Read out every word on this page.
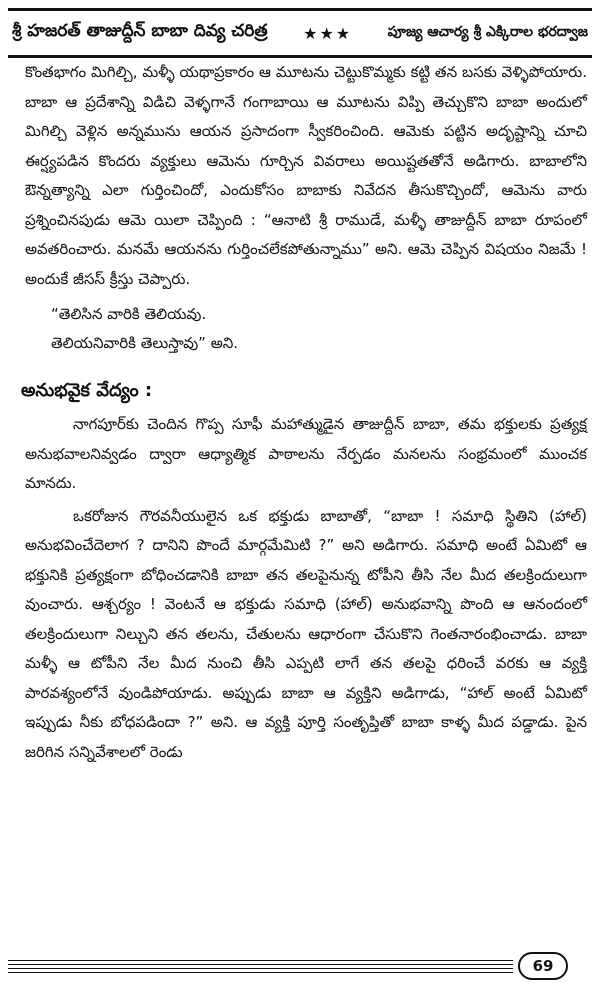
శ్రీ హజరత్ తాజుద్దీన్ బాబా దివ్య చరిత్ర	★★★	పూజ్య ఆచార్య శ్రీ ఎక్కిరాల భరద్వాజ

కొంతభాగం మిగిల్చి, మళ్ళీ యథాప్రకారం ఆ మూటను చెట్టుకొమ్మకు కట్టి తన బసకు వెళ్ళిపోయారు. బాబా ఆ ప్రదేశాన్ని విడిచి వెళ్ళగానే గంగాబాయి ఆ మూటను విప్పి తెచ్చుకొని బాబా అందులో మిగిల్చి వెళ్లిన అన్నమును ఆయన ప్రసాదంగా స్వీకరించింది. ఆమెకు పట్టిన అదృష్టాన్ని చూచి ఈర్ష్యపడిన కొందరు వ్యక్తులు ఆమెను గూర్చిన వివరాలు అయిష్టతతోనే అడిగారు. బాబాలోని ఔన్నత్యాన్ని ఎలా గుర్తించిందో, ఎందుకోసం బాబాకు నివేదన తీసుకొచ్చిందో, ఆమెను వారు ప్రశ్నించినపుడు ఆమె యిలా చెప్పింది : “ఆనాటి శ్రీ రాముడే, మళ్ళీ తాజుద్దీన్ బాబా రూపంలో అవతరించారు. మనమే ఆయనను గుర్తించలేకపోతున్నాము” అని. ఆమె చెప్పిన విషయం నిజమే ! అందుకే జీసస్ క్రీస్తు చెప్పారు.

“తెలిసిన వారికి తెలియవు.
తెలియనివారికి తెలుస్తావు” అని.
అనుభవైక వేద్యం :

నాగపూర్‌కు చెందిన గొప్ప సూఫీ మహాత్ముడైన తాజుద్దీన్ బాబా, తమ భక్తులకు ప్రత్యక్ష అనుభవాలనివ్వడం ద్వారా ఆధ్యాత్మిక పాఠాలను నేర్పడం మనలను సంభ్రమంలో ముంచక మానదు.

ఒకరోజున గౌరవనీయులైన ఒక భక్తుడు బాబాతో, “బాబా ! సమాధి స్థితిని (హాల్) అనుభవించేదెలాగ ? దానిని పొందే మార్గమేమిటి ?” అని అడిగారు. సమాధి అంటే ఏమిటో ఆ భక్తునికి ప్రత్యక్షంగా బోధించడానికి బాబా తన తలపైనున్న టోపీని తీసి నేల మీద తలక్రిందులుగా వుంచారు. ఆశ్చర్యం ! వెంటనే ఆ భక్తుడు సమాధి (హాల్) అనుభవాన్ని పొంది ఆ ఆనందంలో తలక్రిందులుగా నిల్చుని తన తలను, చేతులను ఆధారంగా చేసుకొని గెంతనారంభించాడు. బాబా మళ్ళీ ఆ టోపీని నేల మీద నుంచి తీసి ఎప్పటి లాగే తన తలపై ధరించే వరకు ఆ వ్యక్తి పారవశ్యంలోనే వుండిపోయాడు. అప్పుడు బాబా ఆ వ్యక్తిని అడిగాడు, “హాల్ అంటే ఏమిటో ఇప్పుడు నీకు బోధపడిందా ?” అని. ఆ వ్యక్తి పూర్తి సంతృప్తితో బాబా కాళ్ళ మీద పడ్డాడు. పైన జరిగిన సన్నివేశాలలో రెండు

69
